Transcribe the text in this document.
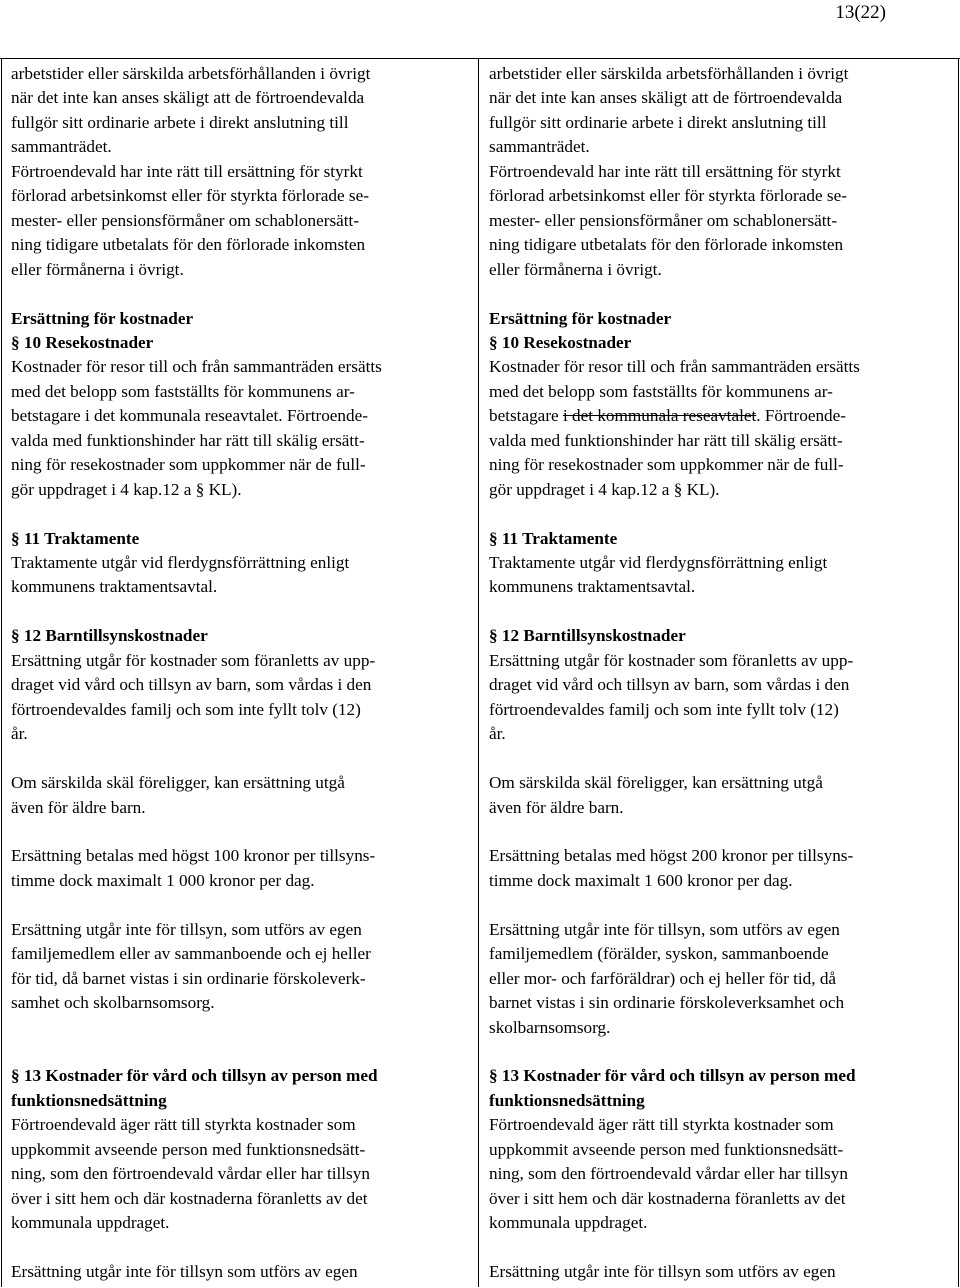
13(22)

arbetstider eller särskilda arbetsförhållanden i övrigt
när det inte kan anses skäligt att de förtroendevalda
fullgör sitt ordinarie arbete i direkt anslutning till
sammanträdet.

Förtroendevald har inte rätt till ersättning för styrkt
förlorad arbetsinkomst eller för styrkta förlorade se-
mester- eller pensionsförmåner om schablonersätt-
ning tidigare utbetalats för den förlorade inkomsten
eller förmånerna i övrigt.

Ersättning för kostnader

§ 10 Resekostnader

Kostnader för resor till och från sammanträden ersätts
med det belopp som fastställts för kommunens ar-
betstagare i det kommunala reseavtalet. Förtroende-
valda med funktionshinder har rätt till skälig ersätt-
ning för resekostnader som uppkommer när de full-
gör uppdraget i 4 kap.12 a § KL).

§ 11 Traktamente

Traktamente utgår vid flerdygnsförrättning enligt
kommunens traktamentsavtal.

§ 12 Barntillsynskostnader

Ersättning utgår för kostnader som föranletts av upp-
draget vid vård och tillsyn av barn, som vårdas i den
förtroendevaldes familj och som inte fyllt tolv (12)
år.

Om särskilda skäl föreligger, kan ersättning utgå
även för äldre barn.

Ersättning betalas med högst 100 kronor per tillsyns-
timme dock maximalt 1 000 kronor per dag.

Ersättning utgår inte för tillsyn, som utförs av egen
familjemedlem eller av sammanboende och ej heller
för tid, då barnet vistas i sin ordinarie förskoleverk-
samhet och skolbarnsomsorg.

§ 13 Kostnader för vård och tillsyn av person med
funktionsnedsättning

Förtroendevald äger rätt till styrkta kostnader som
uppkommit avseende person med funktionsnedsätt-
ning, som den förtroendevald vårdar eller har tillsyn
över i sitt hem och där kostnaderna föranletts av det
kommunala uppdraget.

Ersättning utgår inte för tillsyn som utförs av egen

arbetstider eller särskilda arbetsförhållanden i övrigt
när det inte kan anses skäligt att de förtroendevalda
fullgör sitt ordinarie arbete i direkt anslutning till
sammanträdet.

Förtroendevald har inte rätt till ersättning för styrkt
förlorad arbetsinkomst eller för styrkta förlorade se-
mester- eller pensionsförmåner om schablonersätt-
ning tidigare utbetalats för den förlorade inkomsten
eller förmånerna i övrigt.

Ersättning för kostnader

§ 10 Resekostnader

Kostnader för resor till och från sammanträden ersätts
med det belopp som fastställts för kommunens ar-
betstagare i det kommunala reseavtalet. Förtroende-
valda med funktionshinder har rätt till skälig ersätt-
ning för resekostnader som uppkommer när de full-
gör uppdraget i 4 kap.12 a § KL).

§ 11 Traktamente

Traktamente utgår vid flerdygnsförrättning enligt
kommunens traktamentsavtal.

§ 12 Barntillsynskostnader

Ersättning utgår för kostnader som föranletts av upp-
draget vid vård och tillsyn av barn, som vårdas i den
förtroendevaldes familj och som inte fyllt tolv (12)
år.

Om särskilda skäl föreligger, kan ersättning utgå
även för äldre barn.

Ersättning betalas med högst 200 kronor per tillsyns-
timme dock maximalt 1 600 kronor per dag.

Ersättning utgår inte för tillsyn, som utförs av egen
familjemedlem (förälder, syskon, sammanboende
eller mor- och farföräldrar) och ej heller för tid, då
barnet vistas i sin ordinarie förskoleverksamhet och
skolbarnsomsorg.

§ 13 Kostnader för vård och tillsyn av person med
funktionsnedsättning

Förtroendevald äger rätt till styrkta kostnader som
uppkommit avseende person med funktionsnedsätt-
ning, som den förtroendevald vårdar eller har tillsyn
över i sitt hem och där kostnaderna föranletts av det
kommunala uppdraget.

Ersättning utgår inte för tillsyn som utförs av egen
